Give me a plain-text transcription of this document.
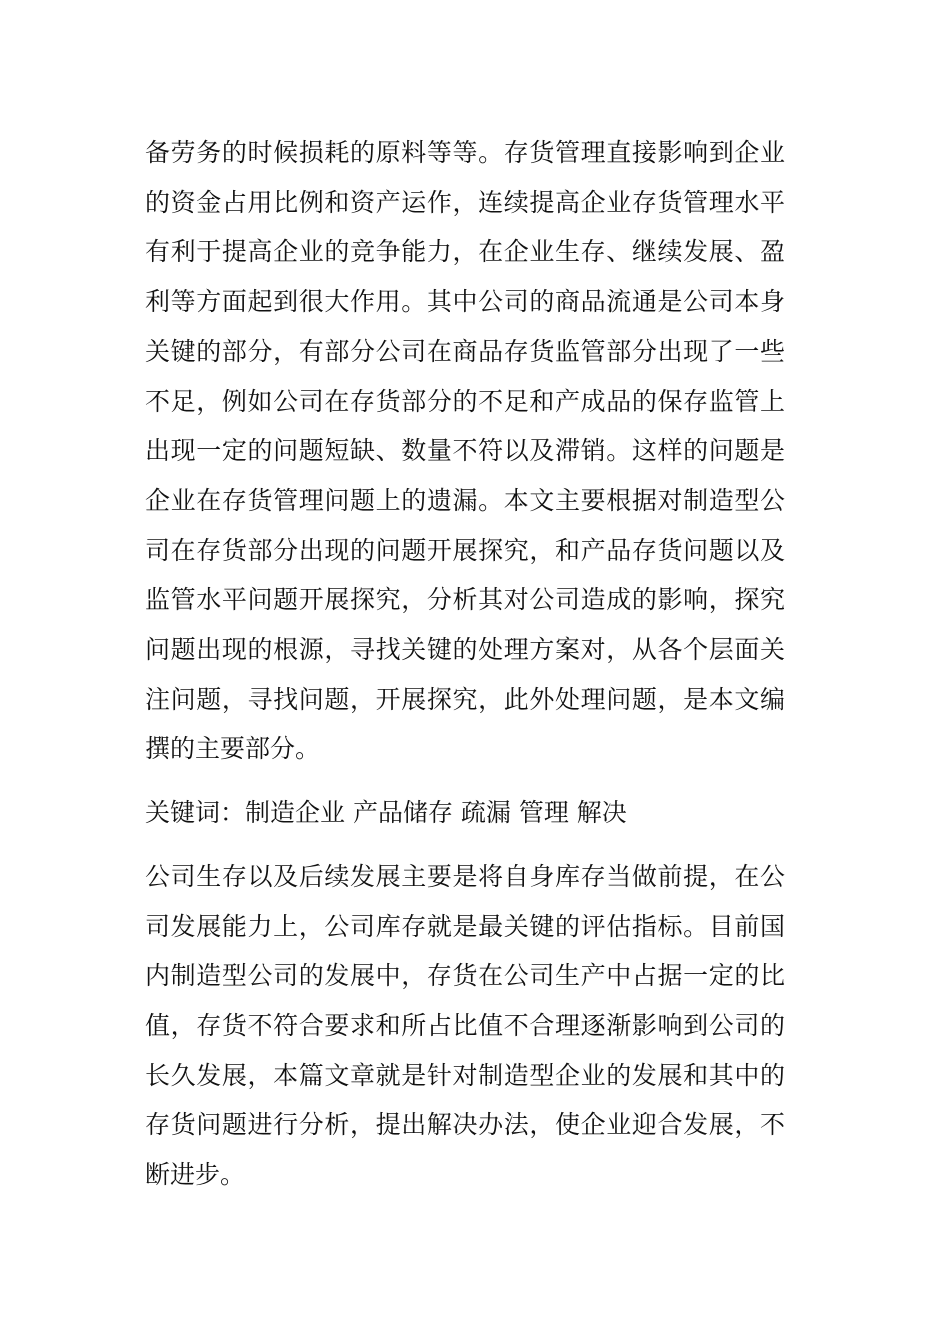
备劳务的时候损耗的原料等等。存货管理直接影响到企业的资金占用比例和资产运作，连续提高企业存货管理水平有利于提高企业的竞争能力，在企业生存、继续发展、盈利等方面起到很大作用。其中公司的商品流通是公司本身关键的部分，有部分公司在商品存货监管部分出现了一些不足，例如公司在存货部分的不足和产成品的保存监管上出现一定的问题短缺、数量不符以及滞销。这样的问题是企业在存货管理问题上的遗漏。本文主要根据对制造型公司在存货部分出现的问题开展探究，和产品存货问题以及监管水平问题开展探究，分析其对公司造成的影响，探究问题出现的根源，寻找关键的处理方案对，从各个层面关注问题，寻找问题，开展探究，此外处理问题，是本文编撰的主要部分。

关键词：制造企业 产品储存 疏漏 管理 解决

公司生存以及后续发展主要是将自身库存当做前提，在公司发展能力上，公司库存就是最关键的评估指标。目前国内制造型公司的发展中，存货在公司生产中占据一定的比值，存货不符合要求和所占比值不合理逐渐影响到公司的长久发展，本篇文章就是针对制造型企业的发展和其中的存货问题进行分析，提出解决办法，使企业迎合发展，不断进步。
